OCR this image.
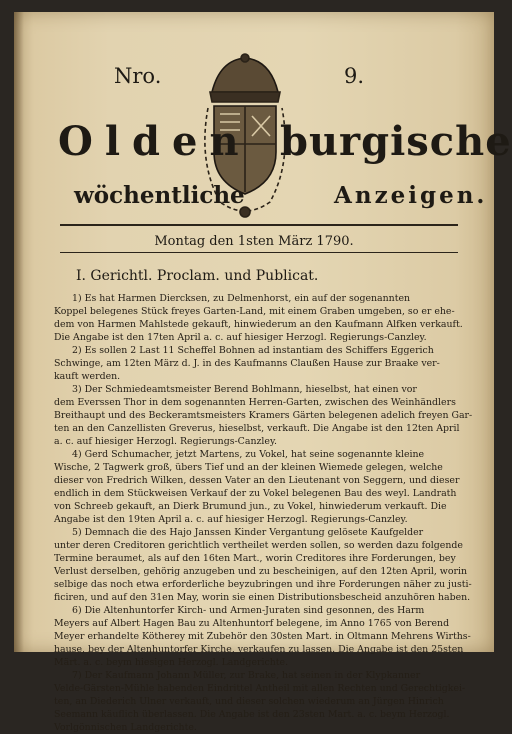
Nro.	9.
Olden burgische
wöchentliche	Anzeigen.
Montag den 1sten März 1790.
I. Gerichtl. Proclam. und Publicat.
1) Es hat Harmen Diercksen, zu Delmenhorst, ein auf der sogenannten
Koppel belegenes Stück freyes Garten-Land, mit einem Graben umgeben, so er ehe-
dem von Harmen Mahlstede gekauft, hinwiederum an den Kaufmann Alfken verkauft.
Die Angabe ist den 17ten April a. c. auf hiesiger Herzogl. Regierungs-Canzley.
2) Es sollen 2 Last 11 Scheffel Bohnen ad instantiam des Schiffers Eggerich
Schwinge, am 12ten März d. J. in des Kaufmanns Claußen Hause zur Braake ver-
kauft werden.
3) Der Schmiedeamtsmeister Berend Bohlmann, hieselbst, hat einen vor
dem Everssen Thor in dem sogenannten Herren-Garten, zwischen des Weinhändlers
Breithaupt und des Beckeramtsmeisters Kramers Gärten belegenen adelich freyen Gar-
ten an den Canzellisten Greverus, hieselbst, verkauft. Die Angabe ist den 12ten April
a. c. auf hiesiger Herzogl. Regierungs-Canzley.
4) Gerd Schumacher, jetzt Martens, zu Vokel, hat seine sogenannte kleine
Wische, 2 Tagwerk groß, übers Tief und an der kleinen Wiemede gelegen, welche
dieser von Fredrich Wilken, dessen Vater an den Lieutenant von Seggern, und dieser
endlich in dem Stückweisen Verkauf der zu Vokel belegenen Bau des weyl. Landrath
von Schreeb gekauft, an Dierk Brumund jun., zu Vokel, hinwiederum verkauft. Die
Angabe ist den 19ten April a. c. auf hiesiger Herzogl. Regierungs-Canzley.
5) Demnach die des Hajo Janssen Kinder Vergantung gelösete Kaufgelder
unter deren Creditoren gerichtlich vertheilet werden sollen, so werden dazu folgende
Termine beraumet, als auf den 16ten Mart., worin Creditores ihre Forderungen, bey
Verlust derselben, gehörig anzugeben und zu bescheinigen, auf den 12ten April, worin
selbige das noch etwa erforderliche beyzubringen und ihre Forderungen näher zu justi-
ficiren, und auf den 31en May, worin sie einen Distributionsbescheid anzuhören haben.
6) Die Altenhuntorfer Kirch- und Armen-Juraten sind gesonnen, des Harm
Meyers auf Albert Hagen Bau zu Altenhuntorf belegene, im Anno 1765 von Berend
Meyer erhandelte Kötherey mit Zubehör den 30sten Mart. in Oltmann Mehrens Wirths-
hause, bey der Altenhuntorfer Kirche, verkaufen zu lassen. Die Angabe ist den 25sten
Märt. a. c. beym hiesigen Herzogl. Landgerichte.
7) Der Kaufmann Johann Müller, zur Brake, hat seinen in der Klypkanner
Velde-Gärsten-Mühle habenden Eindrittel Antheil mit allen Rechten und Gerechtigkei-
ten, an Diederich Ulner verkauft, und dieser solchen wiederum an Jürgen Hinrich
Seemann käuflich überlassen. Die Angabe ist den 23sten Mart. a. c. beym Herzogl.
Vorlgönnischen Landgerichte.
